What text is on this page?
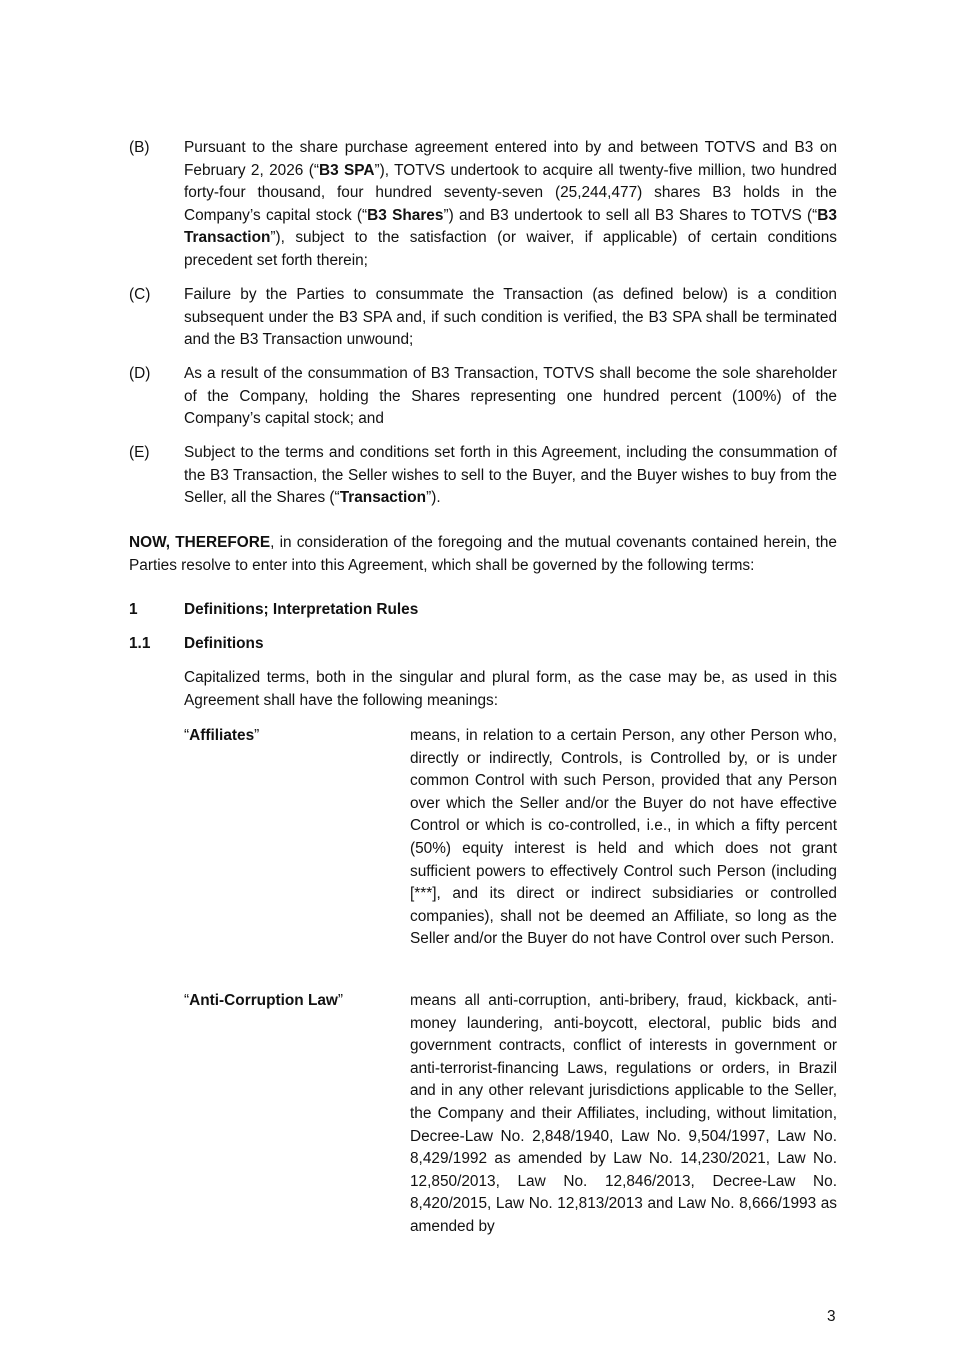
(B) Pursuant to the share purchase agreement entered into by and between TOTVS and B3 on February 2, 2026 (“B3 SPA”), TOTVS undertook to acquire all twenty-five million, two hundred forty-four thousand, four hundred seventy-seven (25,244,477) shares B3 holds in the Company’s capital stock (“B3 Shares”) and B3 undertook to sell all B3 Shares to TOTVS (“B3 Transaction”), subject to the satisfaction (or waiver, if applicable) of certain conditions precedent set forth therein;

(C) Failure by the Parties to consummate the Transaction (as defined below) is a condition subsequent under the B3 SPA and, if such condition is verified, the B3 SPA shall be terminated and the B3 Transaction unwound;

(D) As a result of the consummation of B3 Transaction, TOTVS shall become the sole shareholder of the Company, holding the Shares representing one hundred percent (100%) of the Company’s capital stock; and

(E) Subject to the terms and conditions set forth in this Agreement, including the consummation of the B3 Transaction, the Seller wishes to sell to the Buyer, and the Buyer wishes to buy from the Seller, all the Shares (“Transaction”).

NOW, THEREFORE, in consideration of the foregoing and the mutual covenants contained herein, the Parties resolve to enter into this Agreement, which shall be governed by the following terms:

1	Definitions; Interpretation Rules
1.1 Definitions

Capitalized terms, both in the singular and plural form, as the case may be, as used in this Agreement shall have the following meanings:

“Affiliates”	means, in relation to a certain Person, any other Person who, directly or indirectly, Controls, is Controlled by, or is under common Control with such Person, provided that any Person over which the Seller and/or the Buyer do not have effective Control or which is co-controlled, i.e., in which a fifty percent (50%) equity interest is held and which does not grant sufficient powers to effectively Control such Person (including [***], and its direct or indirect subsidiaries or controlled companies), shall not be deemed an Affiliate, so long as the Seller and/or the Buyer do not have Control over such Person.

“Anti-Corruption Law”	means all anti-corruption, anti-bribery, fraud, kickback, anti-money laundering, anti-boycott, electoral, public bids and government contracts, conflict of interests in government or anti-terrorist-financing Laws, regulations or orders, in Brazil and in any other relevant jurisdictions applicable to the Seller, the Company and their Affiliates, including, without limitation, Decree-Law No. 2,848/1940, Law No. 9,504/1997, Law No. 8,429/1992 as amended by Law No. 14,230/2021, Law No. 12,850/2013, Law No. 12,846/2013, Decree-Law No. 8,420/2015, Law No. 12,813/2013 and Law No. 8,666/1993 as amended by

3
